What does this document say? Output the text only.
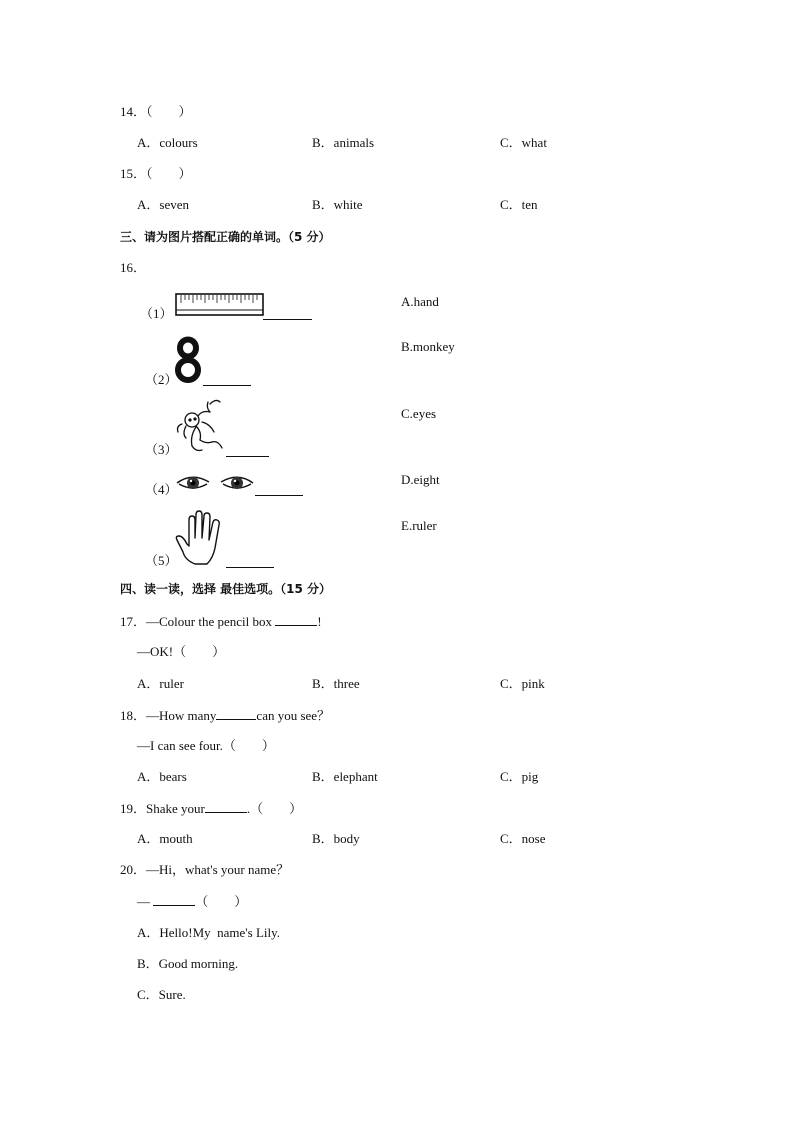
14．（　　）
A．colours	B．animals	C．what
15．（　　）
A．seven	B．white	C．ten
三、请为图片搭配正确的单词。（5 分）
16．
（1）
（2）
（3）
（4）
（5）
A.hand
B.monkey
C.eyes
D.eight
E.ruler
四、读一读，选择 最佳选项。（15 分）
17．—Colour the pencil box	!
—OK!（　　）
A．ruler	B．three	C．pink
18．—How many	can you see？
—I can see four.（　　）
A．bears	B．elephant	C．pig
19．Shake your	.（　　）
A．mouth	B．body	C．nose
20．—Hi，what's your name？
—	（　　）
A．Hello!My  name's Lily.
B．Good morning.
C．Sure.
